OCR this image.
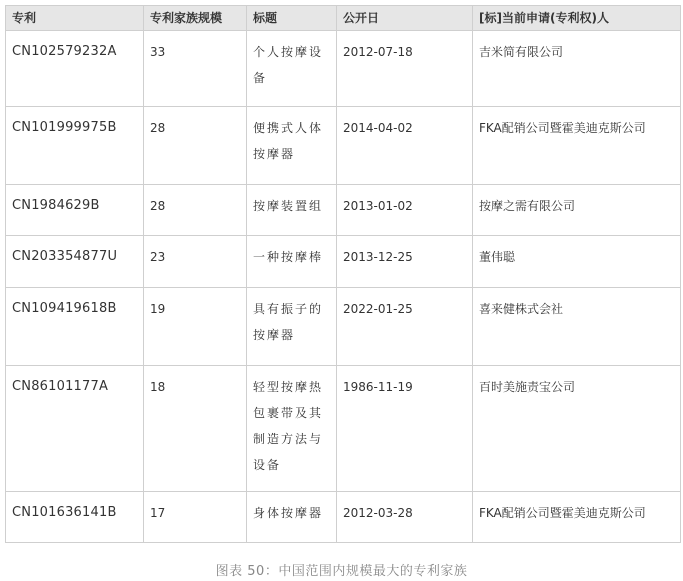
专利	专利家族规模	标题	公开日	[标]当前申请(专利权)人
CN102579232A	33	个人按摩设备	2012-07-18	吉米简有限公司
CN101999975B	28	便携式人体按摩器	2014-04-02	FKA配销公司暨霍美迪克斯公司
CN1984629B	28	按摩装置组	2013-01-02	按摩之需有限公司
CN203354877U	23	一种按摩棒	2013-12-25	董伟聪
CN109419618B	19	具有振子的按摩器	2022-01-25	喜来健株式会社
CN86101177A	18	轻型按摩热包裹带及其制造方法与设备	1986-11-19	百时美施责宝公司
CN101636141B	17	身体按摩器	2012-03-28	FKA配销公司暨霍美迪克斯公司
图表 50：中国范围内规模最大的专利家族
